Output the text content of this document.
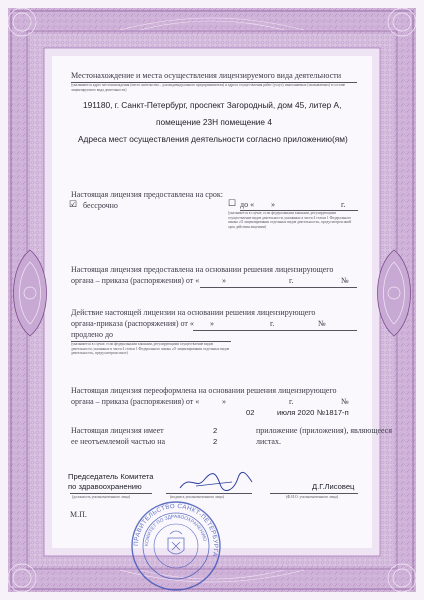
Местонахождение и места осуществления лицензируемого вида деятельности
(указываются адрес местонахождения (место жительства – для индивидуального предпринимателя) и адреса осуществления работ (услуг), выполняемых (оказываемых) в составе лицензируемого вида деятельности)
191180, г. Санкт-Петербург, проспект Загородный, дом 45, литер А,
помещение 23Н помещение 4
Адреса мест осуществления деятельности согласно приложению(ям)
Настоящая лицензия предоставлена на срок:
☑ бессрочно	☐ до « »	г.
(указывается в случае, если федеральными законами, регулирующими осуществление видов деятельности, указанных в части 4 статьи 1 Федерального закона «О лицензировании отдельных видов деятельности», предусмотрен иной срок действия лицензии)
Настоящая лицензия предоставлена на основании решения лицензирующего
органа – приказа (распоряжения) от «	»	г.	№
Действие настоящей лицензии на основании решения лицензирующего
органа-приказа (распоряжения) от « »	г.	№
продлено до
(указывается в случае, если федеральными законами, регулирующими осуществление видов деятельности, указанных в части 4 статьи 1 Федерального закона «О лицензировании отдельных видов деятельности», предусмотрено иное)
Настоящая лицензия переоформлена на основании решения лицензирующего
органа – приказа (распоряжения) от «	»	г.	№
02	июля 2020 №1817-п
Настоящая лицензия имеет	2	приложение (приложения), являющееся
ее неотъемлемой частью на	2	листах.
Председатель Комитета
по здравоохранению	Д.Г.Лисовец
(должность уполномоченного лица)	(подпись уполномоченного лица)	(Ф.И.О. уполномоченного лица)
М.П.
ПРАВИТЕЛЬСТВО САНКТ-ПЕТЕРБУРГА
КОМИТЕТ ПО ЗДРАВООХРАНЕНИЮ
